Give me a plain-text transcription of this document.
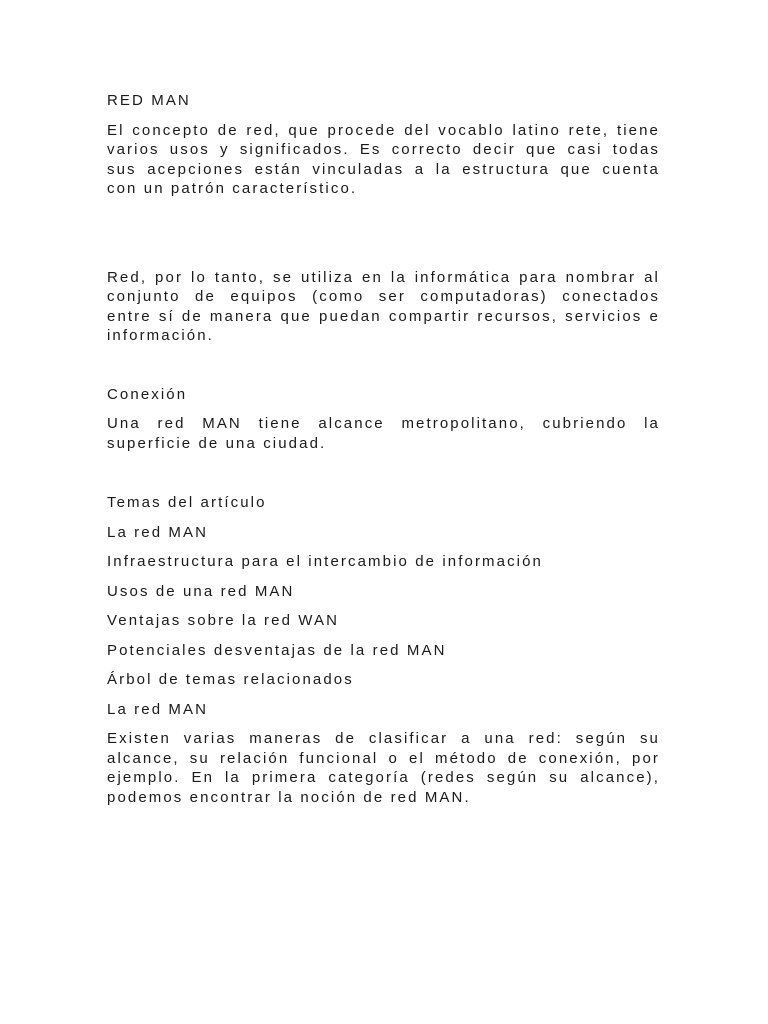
RED MAN

El concepto de red, que procede del vocablo latino rete, tiene varios usos y significados. Es correcto decir que casi todas sus acepciones están vinculadas a la estructura que cuenta con un patrón característico.

Red, por lo tanto, se utiliza en la informática para nombrar al conjunto de equipos (como ser computadoras) conectados entre sí de manera que puedan compartir recursos, servicios e información.

Conexión

Una red MAN tiene alcance metropolitano, cubriendo la superficie de una ciudad.

Temas del artículo

La red MAN

Infraestructura para el intercambio de información

Usos de una red MAN

Ventajas sobre la red WAN

Potenciales desventajas de la red MAN

Árbol de temas relacionados

La red MAN

Existen varias maneras de clasificar a una red: según su alcance, su relación funcional o el método de conexión, por ejemplo. En la primera categoría (redes según su alcance), podemos encontrar la noción de red MAN.
